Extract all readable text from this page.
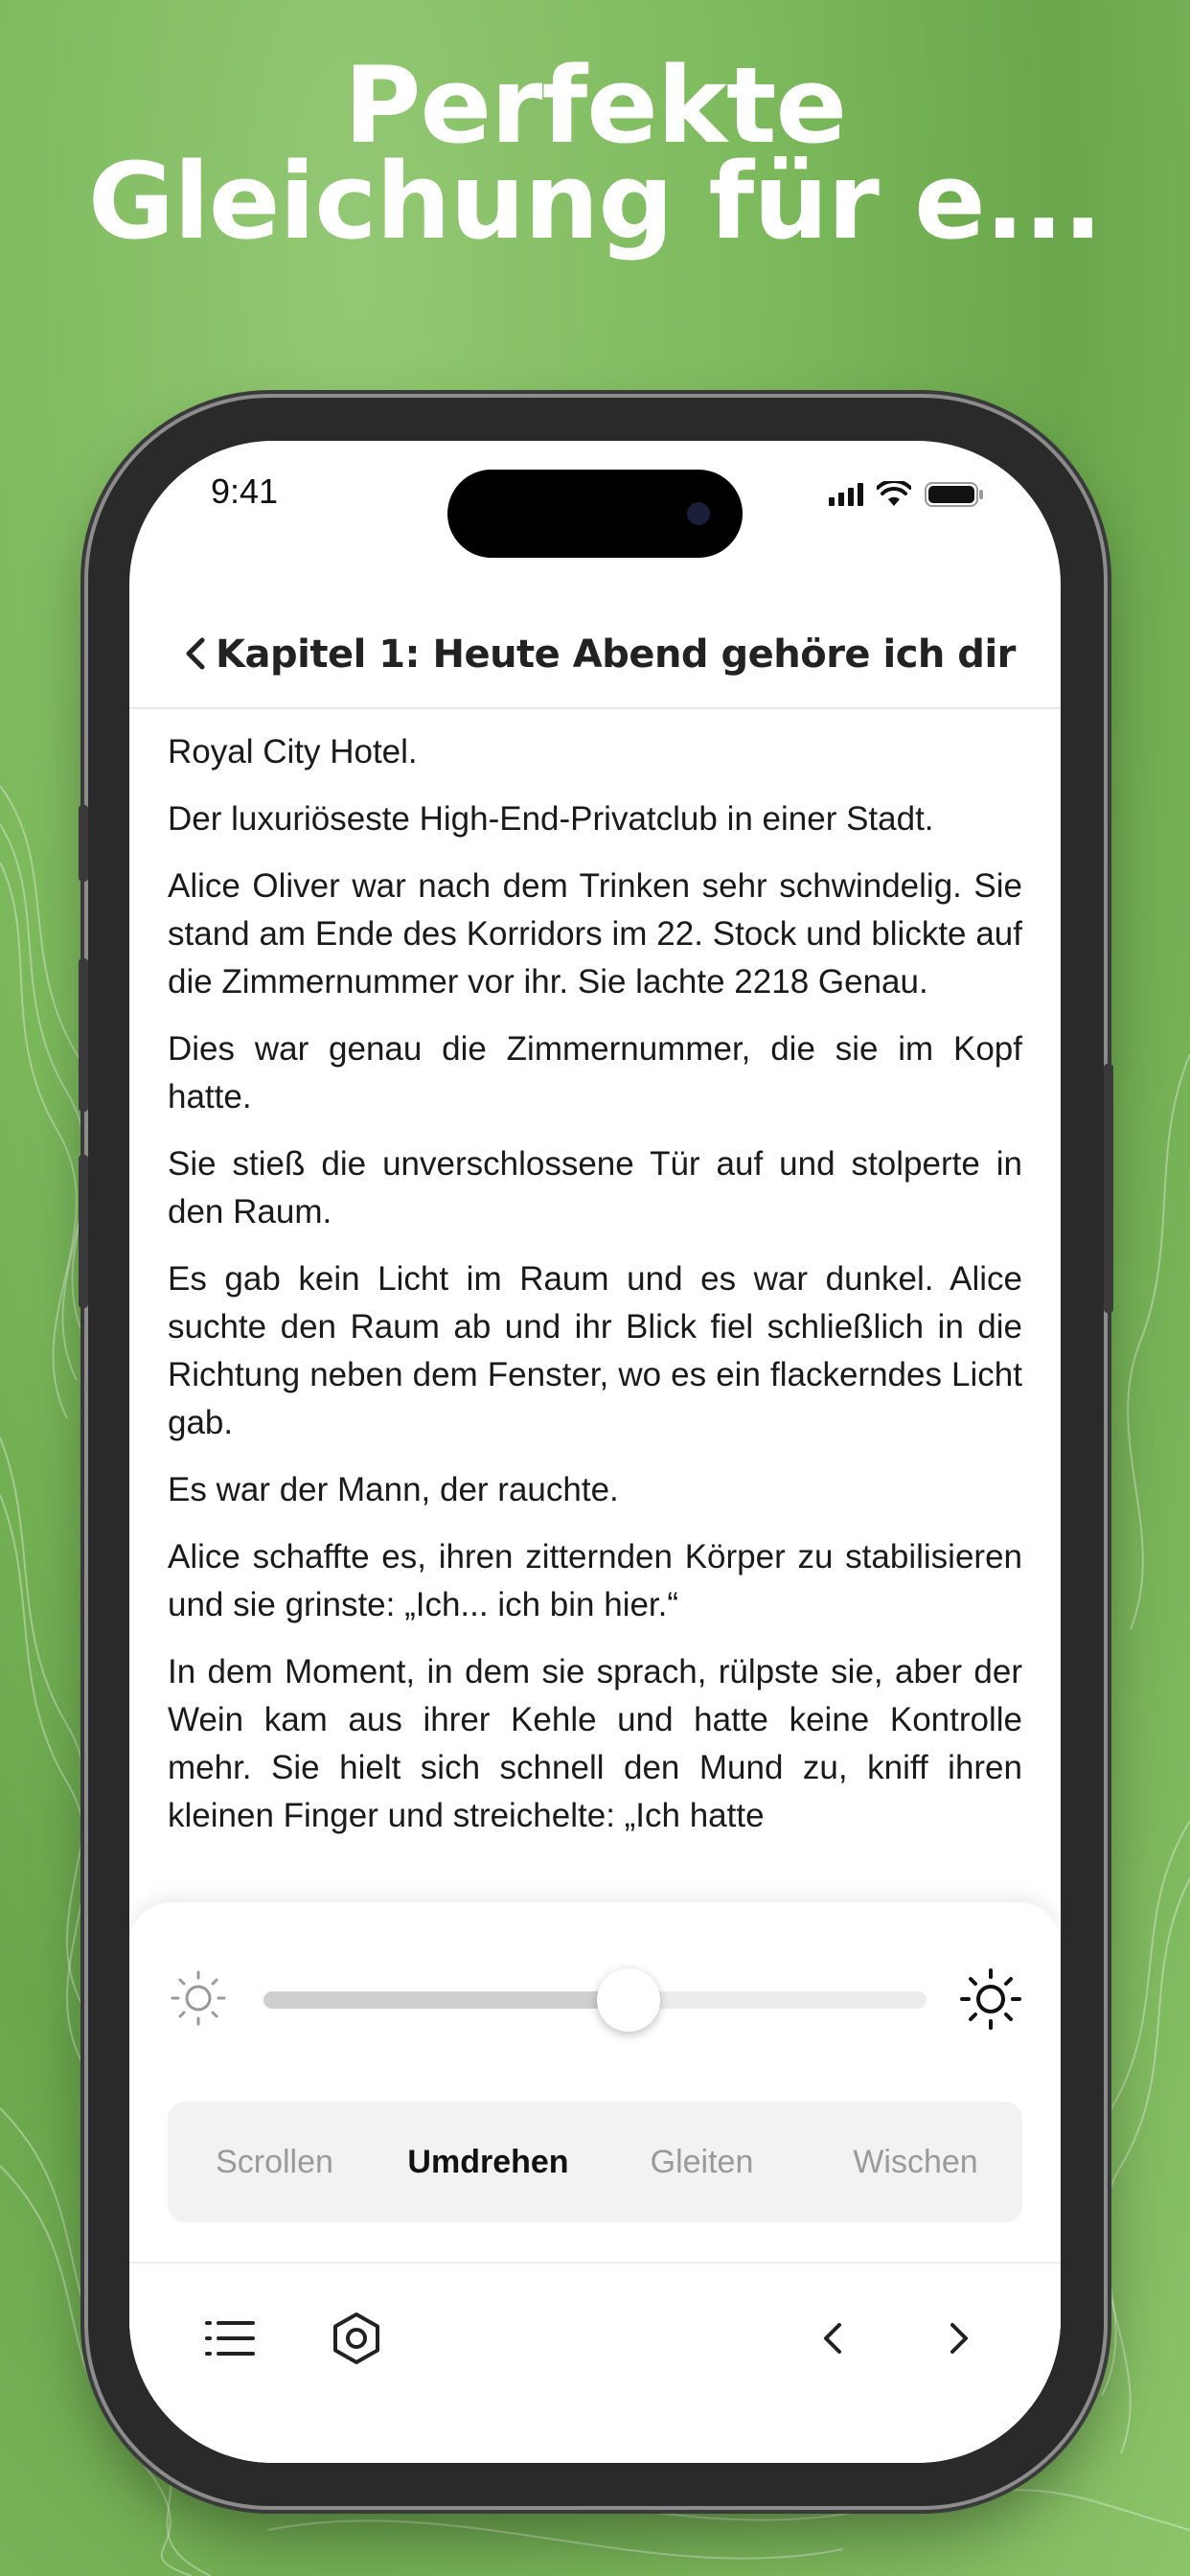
Perfekte
Gleichung für e...
9:41
Kapitel 1: Heute Abend gehöre ich dir

Royal City Hotel.

Der luxuriöseste High-End-Privatclub in einer Stadt.

Alice Oliver war nach dem Trinken sehr schwindelig. Sie stand am Ende des Korridors im 22. Stock und blickte auf die Zimmernummer vor ihr. Sie lachte 2218 Genau.

Dies war genau die Zimmernummer, die sie im Kopf hatte.

Sie stieß die unverschlossene Tür auf und stolperte in den Raum.

Es gab kein Licht im Raum und es war dunkel. Alice suchte den Raum ab und ihr Blick fiel schließlich in die Richtung neben dem Fenster, wo es ein flackerndes Licht gab.

Es war der Mann, der rauchte.

Alice schaffte es, ihren zitternden Körper zu stabilisieren und sie grinste: „Ich... ich bin hier.“

In dem Moment, in dem sie sprach, rülpste sie, aber der Wein kam aus ihrer Kehle und hatte keine Kontrolle mehr. Sie hielt sich schnell den Mund zu, kniff ihren kleinen Finger und streichelte: „Ich hatte

Scrollen	Umdrehen	Gleiten	Wischen
